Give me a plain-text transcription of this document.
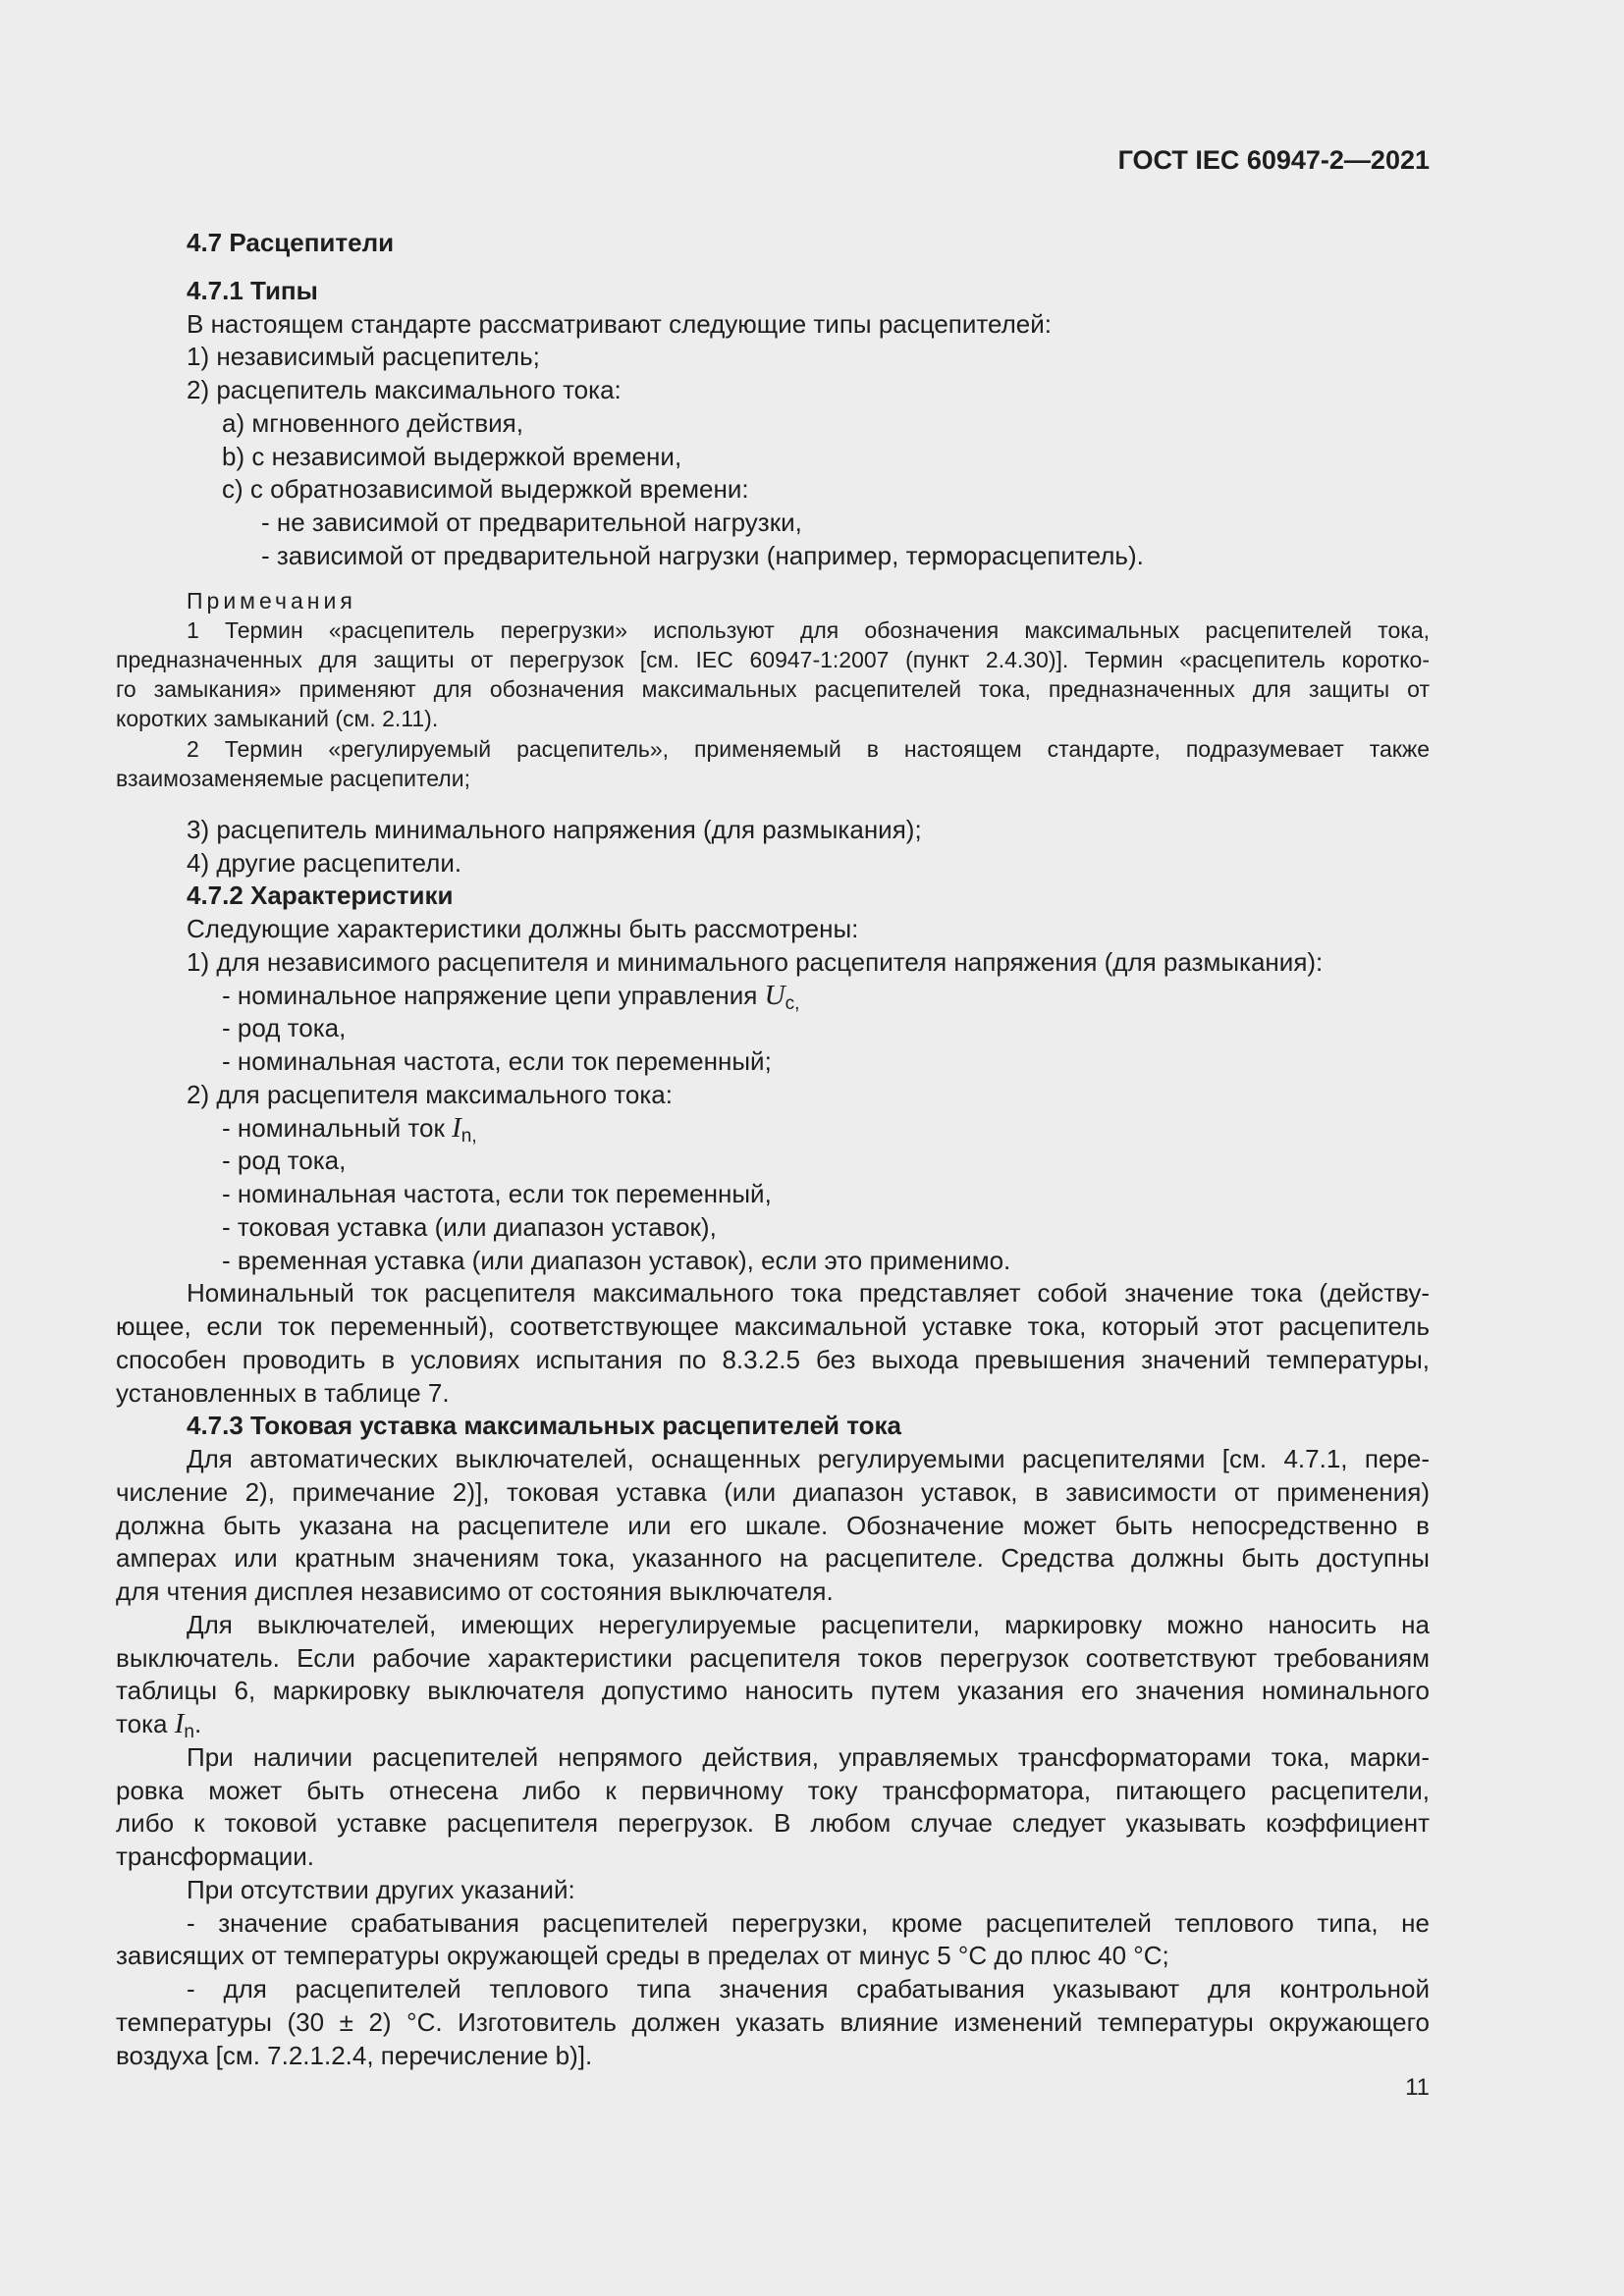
ГОСТ IEC 60947-2—2021
4.7 Расцепители
4.7.1 Типы
В настоящем стандарте рассматривают следующие типы расцепителей:
1) независимый расцепитель;
2) расцепитель максимального тока:
a) мгновенного действия,
b) с независимой выдержкой времени,
c) с обратнозависимой выдержкой времени:
- не зависимой от предварительной нагрузки,
- зависимой от предварительной нагрузки (например, терморасцепитель).
Примечания
1 Термин «расцепитель перегрузки» используют для обозначения максимальных расцепителей тока,
предназначенных для защиты от перегрузок [см. IEC 60947-1:2007 (пункт 2.4.30)]. Термин «расцепитель коротко-
го замыкания» применяют для обозначения максимальных расцепителей тока, предназначенных для защиты от
коротких замыканий (см. 2.11).
2 Термин «регулируемый расцепитель», применяемый в настоящем стандарте, подразумевает также
взаимозаменяемые расцепители;
3) расцепитель минимального напряжения (для размыкания);
4) другие расцепители.
4.7.2 Характеристики
Следующие характеристики должны быть рассмотрены:
1) для независимого расцепителя и минимального расцепителя напряжения (для размыкания):
- номинальное напряжение цепи управления $U_{c,}$
- род тока,
- номинальная частота, если ток переменный;
2) для расцепителя максимального тока:
- номинальный ток $I_{n,}$
- род тока,
- номинальная частота, если ток переменный,
- токовая уставка (или диапазон уставок),
- временная уставка (или диапазон уставок), если это применимо.
Номинальный ток расцепителя максимального тока представляет собой значение тока (действу-
ющее, если ток переменный), соответствующее максимальной уставке тока, который этот расцепитель
способен проводить в условиях испытания по 8.3.2.5 без выхода превышения значений температуры,
установленных в таблице 7.
4.7.3 Токовая уставка максимальных расцепителей тока
Для автоматических выключателей, оснащенных регулируемыми расцепителями [см. 4.7.1, пере-
числение 2), примечание 2)], токовая уставка (или диапазон уставок, в зависимости от применения)
должна быть указана на расцепителе или его шкале. Обозначение может быть непосредственно в
амперах или кратным значениям тока, указанного на расцепителе. Средства должны быть доступны
для чтения дисплея независимо от состояния выключателя.
Для выключателей, имеющих нерегулируемые расцепители, маркировку можно наносить на
выключатель. Если рабочие характеристики расцепителя токов перегрузок соответствуют требованиям
таблицы 6, маркировку выключателя допустимо наносить путем указания его значения номинального
тока $I_n$.
При наличии расцепителей непрямого действия, управляемых трансформаторами тока, марки-
ровка может быть отнесена либо к первичному току трансформатора, питающего расцепители,
либо к токовой уставке расцепителя перегрузок. В любом случае следует указывать коэффициент
трансформации.
При отсутствии других указаний:
- значение срабатывания расцепителей перегрузки, кроме расцепителей теплового типа, не
зависящих от температуры окружающей среды в пределах от минус 5 °С до плюс 40 °С;
- для расцепителей теплового типа значения срабатывания указывают для контрольной
температуры (30 ± 2) °С. Изготовитель должен указать влияние изменений температуры окружающего
воздуха [см. 7.2.1.2.4, перечисление b)].
11
